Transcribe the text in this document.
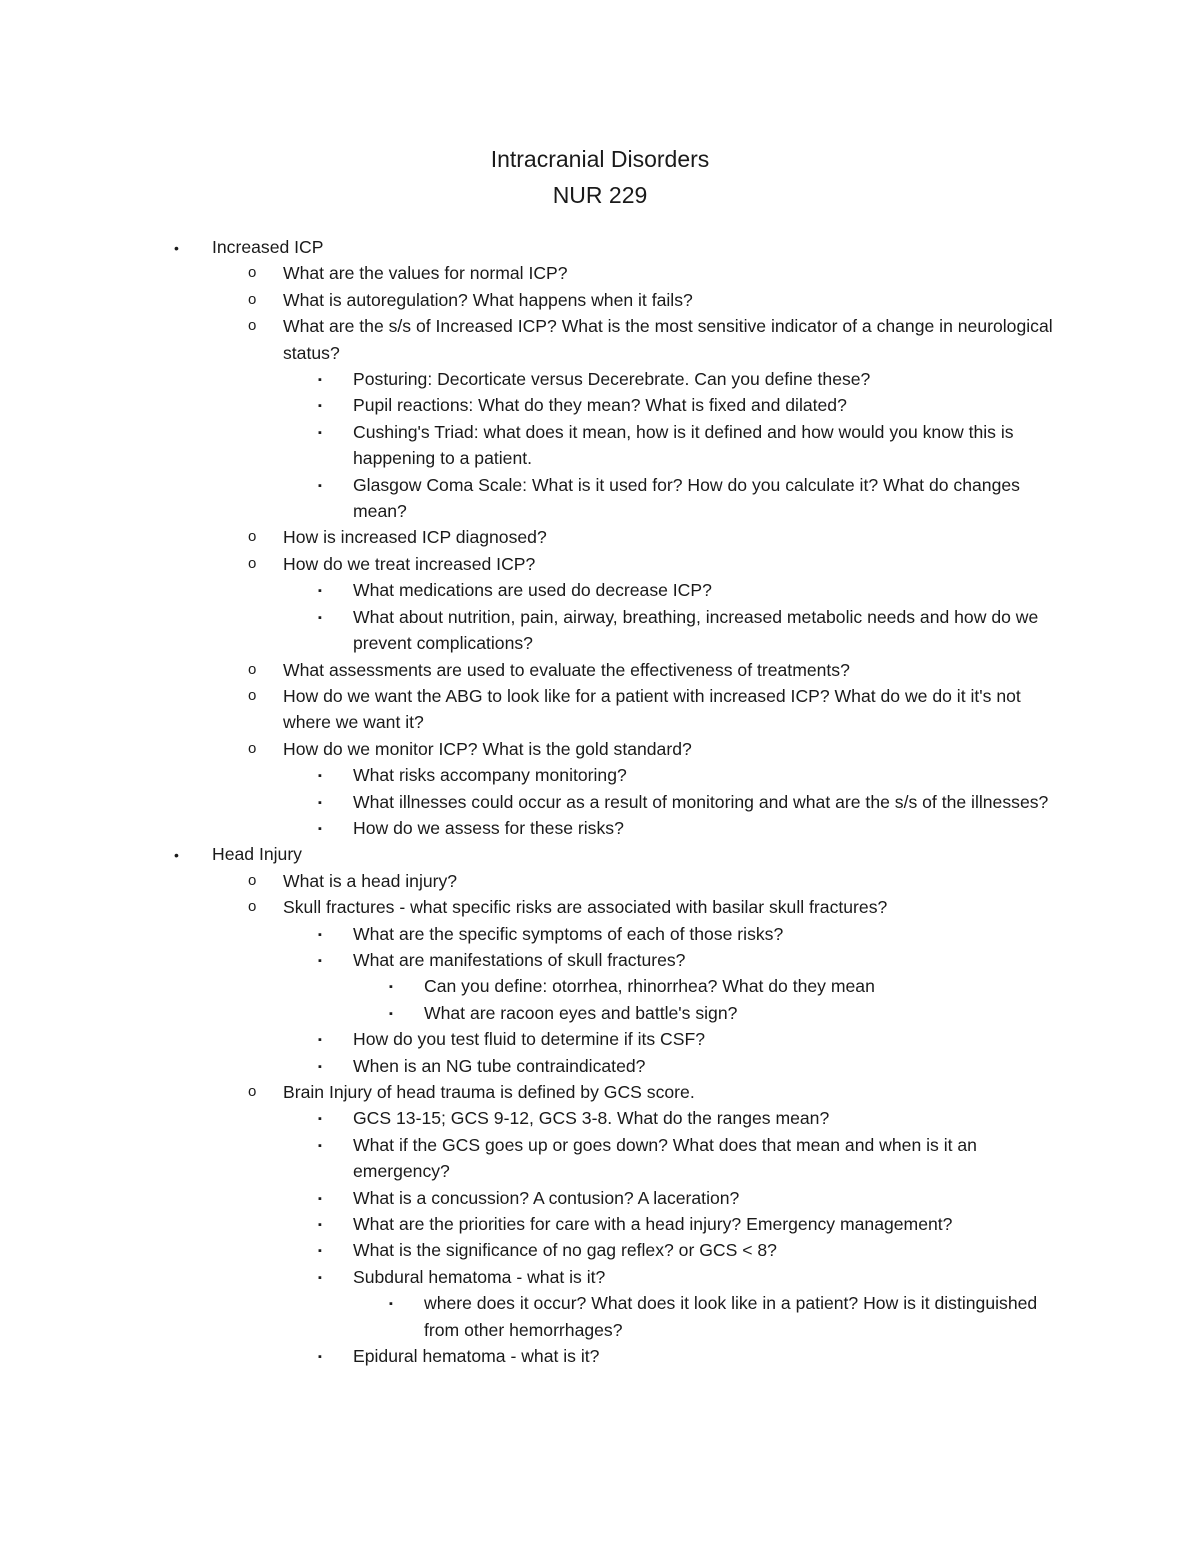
Intracranial Disorders
NUR 229
• Increased ICP
o What are the values for normal ICP?
o What is autoregulation? What happens when it fails?
o What are the s/s of Increased ICP? What is the most sensitive indicator of a change in neurological status?
▪ Posturing: Decorticate versus Decerebrate. Can you define these?
▪ Pupil reactions: What do they mean? What is fixed and dilated?
▪ Cushing's Triad: what does it mean, how is it defined and how would you know this is happening to a patient.
▪ Glasgow Coma Scale: What is it used for? How do you calculate it? What do changes mean?
o How is increased ICP diagnosed?
o How do we treat increased ICP?
▪ What medications are used do decrease ICP?
▪ What about nutrition, pain, airway, breathing, increased metabolic needs and how do we prevent complications?
o What assessments are used to evaluate the effectiveness of treatments?
o How do we want the ABG to look like for a patient with increased ICP? What do we do it it's not where we want it?
o How do we monitor ICP? What is the gold standard?
▪ What risks accompany monitoring?
▪ What illnesses could occur as a result of monitoring and what are the s/s of the illnesses?
▪ How do we assess for these risks?
• Head Injury
o What is a head injury?
o Skull fractures - what specific risks are associated with basilar skull fractures?
▪ What are the specific symptoms of each of those risks?
▪ What are manifestations of skull fractures?
▪ Can you define: otorrhea, rhinorrhea? What do they mean
▪ What are racoon eyes and battle's sign?
▪ How do you test fluid to determine if its CSF?
▪ When is an NG tube contraindicated?
o Brain Injury of head trauma is defined by GCS score.
▪ GCS 13-15; GCS 9-12, GCS 3-8. What do the ranges mean?
▪ What if the GCS goes up or goes down? What does that mean and when is it an emergency?
▪ What is a concussion? A contusion? A laceration?
▪ What are the priorities for care with a head injury? Emergency management?
▪ What is the significance of no gag reflex? or GCS < 8?
▪ Subdural hematoma - what is it?
▪ where does it occur? What does it look like in a patient? How is it distinguished from other hemorrhages?
▪ Epidural hematoma - what is it?
